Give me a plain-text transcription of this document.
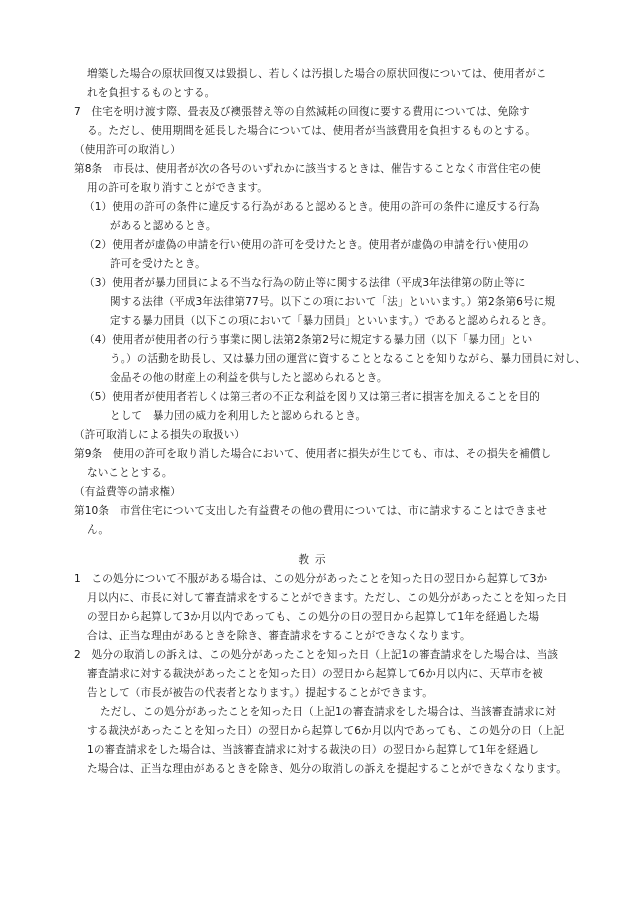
増築した場合の原状回復又は毀損し、若しくは汚損した場合の原状回復については、使用者がこ
れを負担するものとする。
7　住宅を明け渡す際、畳表及び襖張替え等の自然減耗の回復に要する費用については、免除す
る。ただし、使用期間を延長した場合については、使用者が当該費用を負担するものとする。
（使用許可の取消し）
第8条　市長は、使用者が次の各号のいずれかに該当するときは、催告することなく市営住宅の使
用の許可を取り消すことができます。
（1）使用の許可の条件に違反する行為があると認めるとき。使用の許可の条件に違反する行為
があると認めるとき。
（2）使用者が虚偽の申請を行い使用の許可を受けたとき。使用者が虚偽の申請を行い使用の
許可を受けたとき。
（3）使用者が暴力団員による不当な行為の防止等に関する法律（平成3年法律第の防止等に
関する法律（平成3年法律第77号。以下この項において「法」といいます。）第2条第6号に規
定する暴力団員（以下この項において「暴力団員」といいます。）であると認められるとき。
（4）使用者が使用者の行う事業に関し法第2条第2号に規定する暴力団（以下「暴力団」とい
う。）の活動を助長し、又は暴力団の運営に資することとなることを知りながら、暴力団員に対し、
金品その他の財産上の利益を供与したと認められるとき。
（5）使用者が使用者若しくは第三者の不正な利益を図り又は第三者に損害を加えることを目的
として　暴力団の威力を利用したと認められるとき。
（許可取消しによる損失の取扱い）
第9条　使用の許可を取り消した場合において、使用者に損失が生じても、市は、その損失を補償し
ないこととする。
（有益費等の請求権）
第10条　市営住宅について支出した有益費その他の費用については、市に請求することはできませ
ん。
教示
1　この処分について不服がある場合は、この処分があったことを知った日の翌日から起算して3か
月以内に、市長に対して審査請求をすることができます。ただし、この処分があったことを知った日
の翌日から起算して3か月以内であっても、この処分の日の翌日から起算して1年を経過した場
合は、正当な理由があるときを除き、審査請求をすることができなくなります。
2　処分の取消しの訴えは、この処分があったことを知った日（上記1の審査請求をした場合は、当該
審査請求に対する裁決があったことを知った日）の翌日から起算して6か月以内に、天草市を被
告として（市長が被告の代表者となります。）提起することができます。
ただし、この処分があったことを知った日（上記1の審査請求をした場合は、当該審査請求に対
する裁決があったことを知った日）の翌日から起算して6か月以内であっても、この処分の日（上記
1の審査請求をした場合は、当該審査請求に対する裁決の日）の翌日から起算して1年を経過し
た場合は、正当な理由があるときを除き、処分の取消しの訴えを提起することができなくなります。
